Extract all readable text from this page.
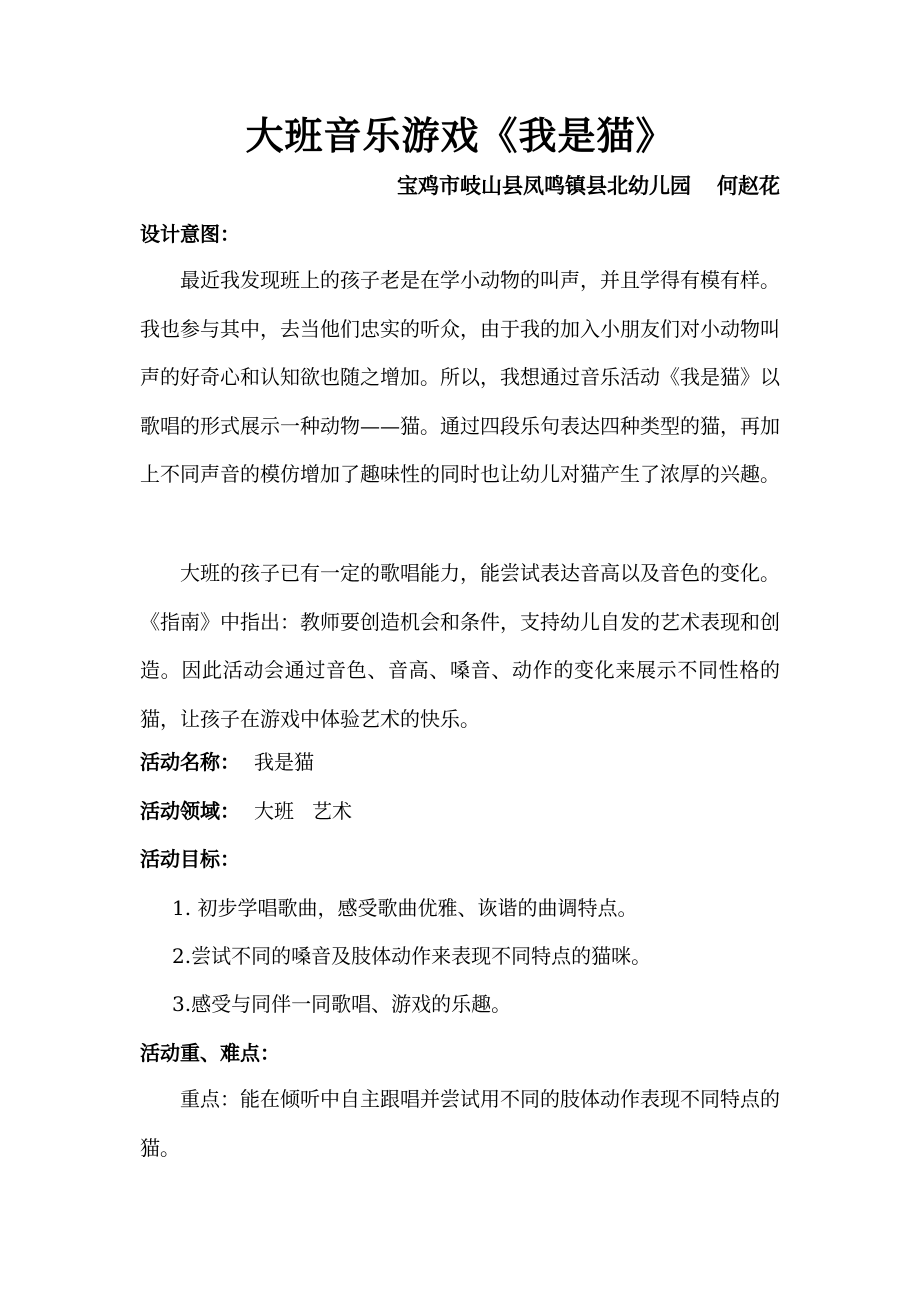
大班音乐游戏《我是猫》
宝鸡市岐山县凤鸣镇县北幼儿园 何赵花
设计意图：
最近我发现班上的孩子老是在学小动物的叫声，并且学得有模有样。我也参与其中，去当他们忠实的听众，由于我的加入小朋友们对小动物叫声的好奇心和认知欲也随之增加。所以，我想通过音乐活动《我是猫》以歌唱的形式展示一种动物——猫。通过四段乐句表达四种类型的猫，再加上不同声音的模仿增加了趣味性的同时也让幼儿对猫产生了浓厚的兴趣。
大班的孩子已有一定的歌唱能力，能尝试表达音高以及音色的变化。《指南》中指出：教师要创造机会和条件，支持幼儿自发的艺术表现和创造。因此活动会通过音色、音高、嗓音、动作的变化来展示不同性格的猫，让孩子在游戏中体验艺术的快乐。
活动名称： 我是猫
活动领域： 大班 艺术
活动目标：
1. 初步学唱歌曲，感受歌曲优雅、诙谐的曲调特点。
2.尝试不同的嗓音及肢体动作来表现不同特点的猫咪。
3.感受与同伴一同歌唱、游戏的乐趣。
活动重、难点：
重点：能在倾听中自主跟唱并尝试用不同的肢体动作表现不同特点的猫。
